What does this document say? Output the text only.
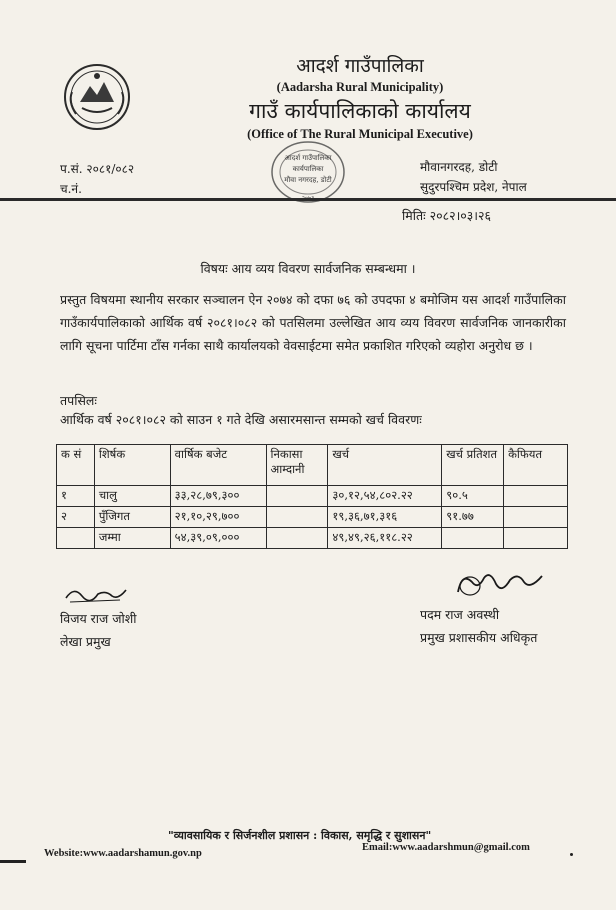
आदर्श गाउँपालिका
(Aadarsha Rural Municipality)
गाउँ कार्यपालिकाको कार्यालय
(Office of The Rural Municipal Executive)
प.सं. २०८१/०८२
च.नं.
मौवानगरदह, डोटी
सुदुरपश्चिम प्रदेश, नेपाल
आदर्श गाउँपालिका
कार्यपालिका
मौवा नगरदह, डोटी
मितिः २०८२।०३।२६
विषयः आय व्यय विवरण सार्वजनिक सम्बन्धमा ।
प्रस्तुत विषयमा स्थानीय सरकार सञ्चालन ऐन २०७४ को दफा ७६ को उपदफा ४ बमोजिम यस आदर्श गाउँपालिका गाउँकार्यपालिकाको आर्थिक वर्ष २०८१।०८२ को पतसिलमा उल्लेखित आय व्यय विवरण सार्वजनिक जानकारीका लागि सूचना पार्टिमा टाँस गर्नका साथै कार्यालयको वेवसाईटमा समेत प्रकाशित गरिएको व्यहोरा अनुरोध छ ।
तपसिलः
आर्थिक वर्ष २०८१।०८२ को साउन १ गते देखि असारमसान्त सम्मको खर्च विवरणः
क सं	शिर्षक	वार्षिक बजेट	निकासा आम्दानी	खर्च	खर्च प्रतिशत	कैफियत
१	चालु	३३,२८,७९,३००		३०,१२,५४,८०२.२२	९०.५	
२	पुँजिगत	२१,१०,२९,७००		१९,३६,७१,३१६	९१.७७	
	जम्मा	५४,३९,०९,०००		४९,४९,२६,११८.२२		
विजय राज जोशी
लेखा प्रमुख
पदम राज अवस्थी
प्रमुख प्रशासकीय अधिकृत
"व्यावसायिक र सिर्जनशील प्रशासन : विकास, समृद्धि र सुशासन"
Website:www.aadarshamun.gov.np
Email:www.aadarshmun@gmail.com
